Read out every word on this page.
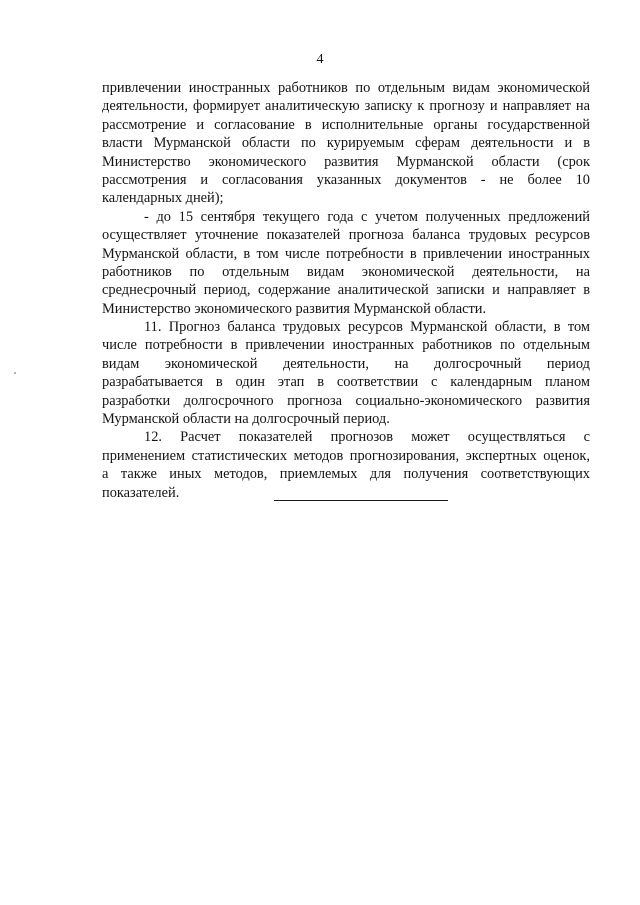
4
привлечении иностранных работников по отдельным видам экономической
деятельности, формирует аналитическую записку к прогнозу и направляет на
рассмотрение и согласование в исполнительные органы государственной
власти Мурманской области по курируемым сферам деятельности и в
Министерство экономического развития Мурманской области (срок
рассмотрения и согласования указанных документов - не более 10
календарных дней);
- до 15 сентября текущего года с учетом полученных предложений
осуществляет уточнение показателей прогноза баланса трудовых ресурсов
Мурманской области, в том числе потребности в привлечении иностранных
работников по отдельным видам экономической деятельности, на
среднесрочный период, содержание аналитической записки и направляет в
Министерство экономического развития Мурманской области.
11. Прогноз баланса трудовых ресурсов Мурманской области, в том
числе потребности в привлечении иностранных работников по отдельным
видам экономической деятельности, на долгосрочный период
разрабатывается в один этап в соответствии с календарным планом
разработки долгосрочного прогноза социально-экономического развития
Мурманской области на долгосрочный период.
12. Расчет показателей прогнозов может осуществляться с
применением статистических методов прогнозирования, экспертных оценок,
а также иных методов, приемлемых для получения соответствующих
показателей.
